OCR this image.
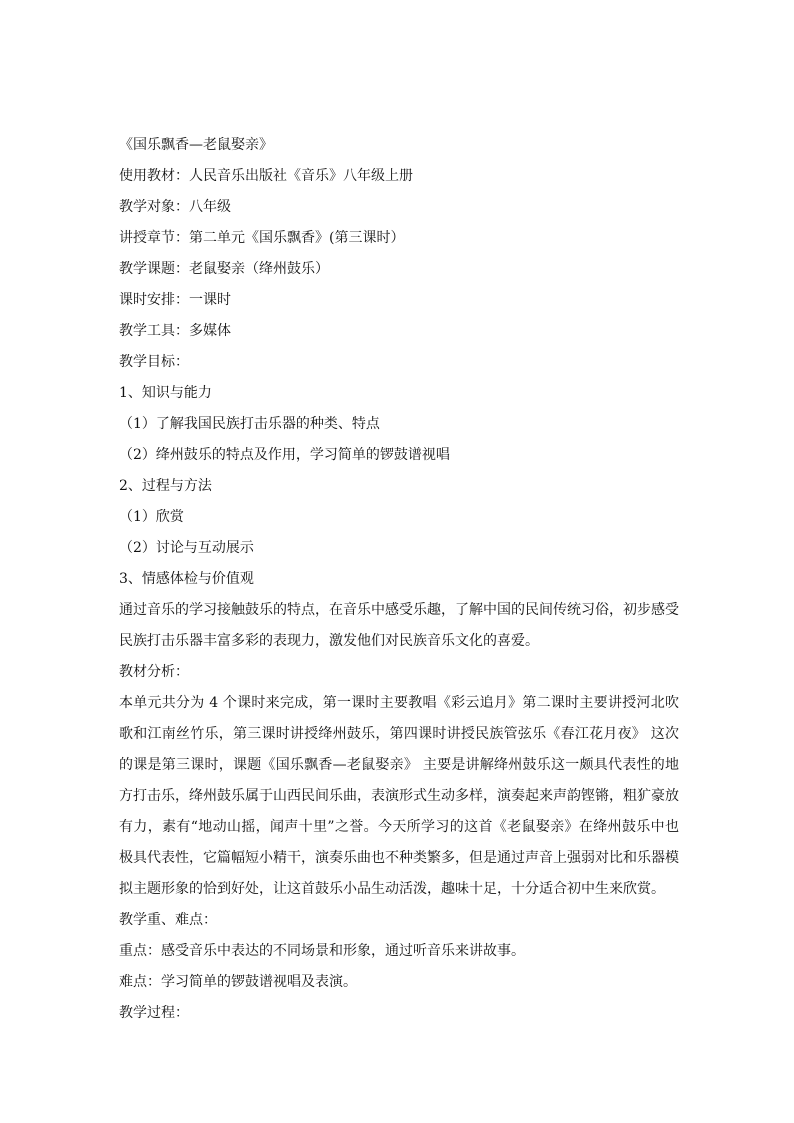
《国乐飘香—老鼠娶亲》

使用教材：人民音乐出版社《音乐》八年级上册

教学对象：八年级

讲授章节：第二单元《国乐飘香》(第三课时）

教学课题：老鼠娶亲（绛州鼓乐）

课时安排：一课时

教学工具：多媒体

教学目标：

1、知识与能力

（1）了解我国民族打击乐器的种类、特点

（2）绛州鼓乐的特点及作用，学习简单的锣鼓谱视唱

2、过程与方法

（1）欣赏

（2）讨论与互动展示

3、情感体检与价值观

通过音乐的学习接触鼓乐的特点，在音乐中感受乐趣，了解中国的民间传统习俗，初步感受民族打击乐器丰富多彩的表现力，激发他们对民族音乐文化的喜爱。

教材分析：

本单元共分为 4 个课时来完成，第一课时主要教唱《彩云追月》第二课时主要讲授河北吹歌和江南丝竹乐，第三课时讲授绛州鼓乐，第四课时讲授民族管弦乐《春江花月夜》 这次的课是第三课时，课题《国乐飘香—老鼠娶亲》 主要是讲解绛州鼓乐这一颇具代表性的地方打击乐，绛州鼓乐属于山西民间乐曲，表演形式生动多样，演奏起来声韵铿锵，粗犷豪放有力，素有“地动山摇，闻声十里”之誉。今天所学习的这首《老鼠娶亲》在绛州鼓乐中也极具代表性，它篇幅短小精干，演奏乐曲也不种类繁多，但是通过声音上强弱对比和乐器模拟主题形象的恰到好处，让这首鼓乐小品生动活泼，趣味十足，十分适合初中生来欣赏。

教学重、难点：

重点：感受音乐中表达的不同场景和形象，通过听音乐来讲故事。

难点：学习简单的锣鼓谱视唱及表演。

教学过程：
